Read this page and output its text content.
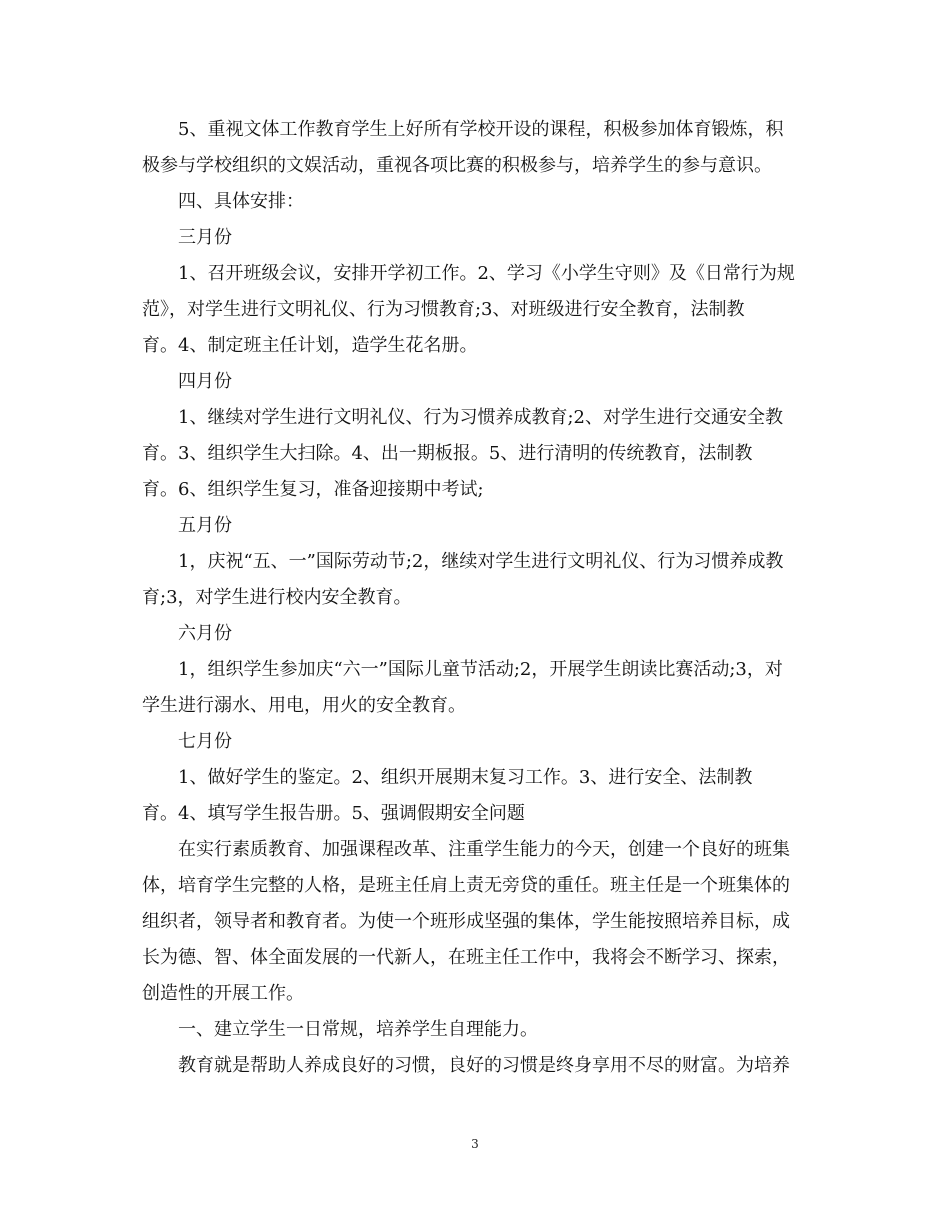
5、重视文体工作教育学生上好所有学校开设的课程，积极参加体育锻炼，积

极参与学校组织的文娱活动，重视各项比赛的积极参与，培养学生的参与意识。

四、具体安排：

三月份

1、召开班级会议，安排开学初工作。2、学习《小学生守则》及《日常行为规

范》，对学生进行文明礼仪、行为习惯教育;3、对班级进行安全教育，法制教

育。4、制定班主任计划，造学生花名册。

四月份

1、继续对学生进行文明礼仪、行为习惯养成教育;2、对学生进行交通安全教

育。3、组织学生大扫除。4、出一期板报。5、进行清明的传统教育，法制教

育。6、组织学生复习，准备迎接期中考试;

五月份

1，庆祝“五、一”国际劳动节;2，继续对学生进行文明礼仪、行为习惯养成教

育;3，对学生进行校内安全教育。

六月份

1，组织学生参加庆“六一”国际儿童节活动;2，开展学生朗读比赛活动;3，对

学生进行溺水、用电，用火的安全教育。

七月份

1、做好学生的鉴定。2、组织开展期末复习工作。3、进行安全、法制教

育。4、填写学生报告册。5、强调假期安全问题

在实行素质教育、加强课程改革、注重学生能力的今天，创建一个良好的班集

体，培育学生完整的人格，是班主任肩上责无旁贷的重任。班主任是一个班集体的

组织者，领导者和教育者。为使一个班形成坚强的集体，学生能按照培养目标，成

长为德、智、体全面发展的一代新人，在班主任工作中，我将会不断学习、探索，

创造性的开展工作。

一、建立学生一日常规，培养学生自理能力。

教育就是帮助人养成良好的习惯，良好的习惯是终身享用不尽的财富。为培养

3
